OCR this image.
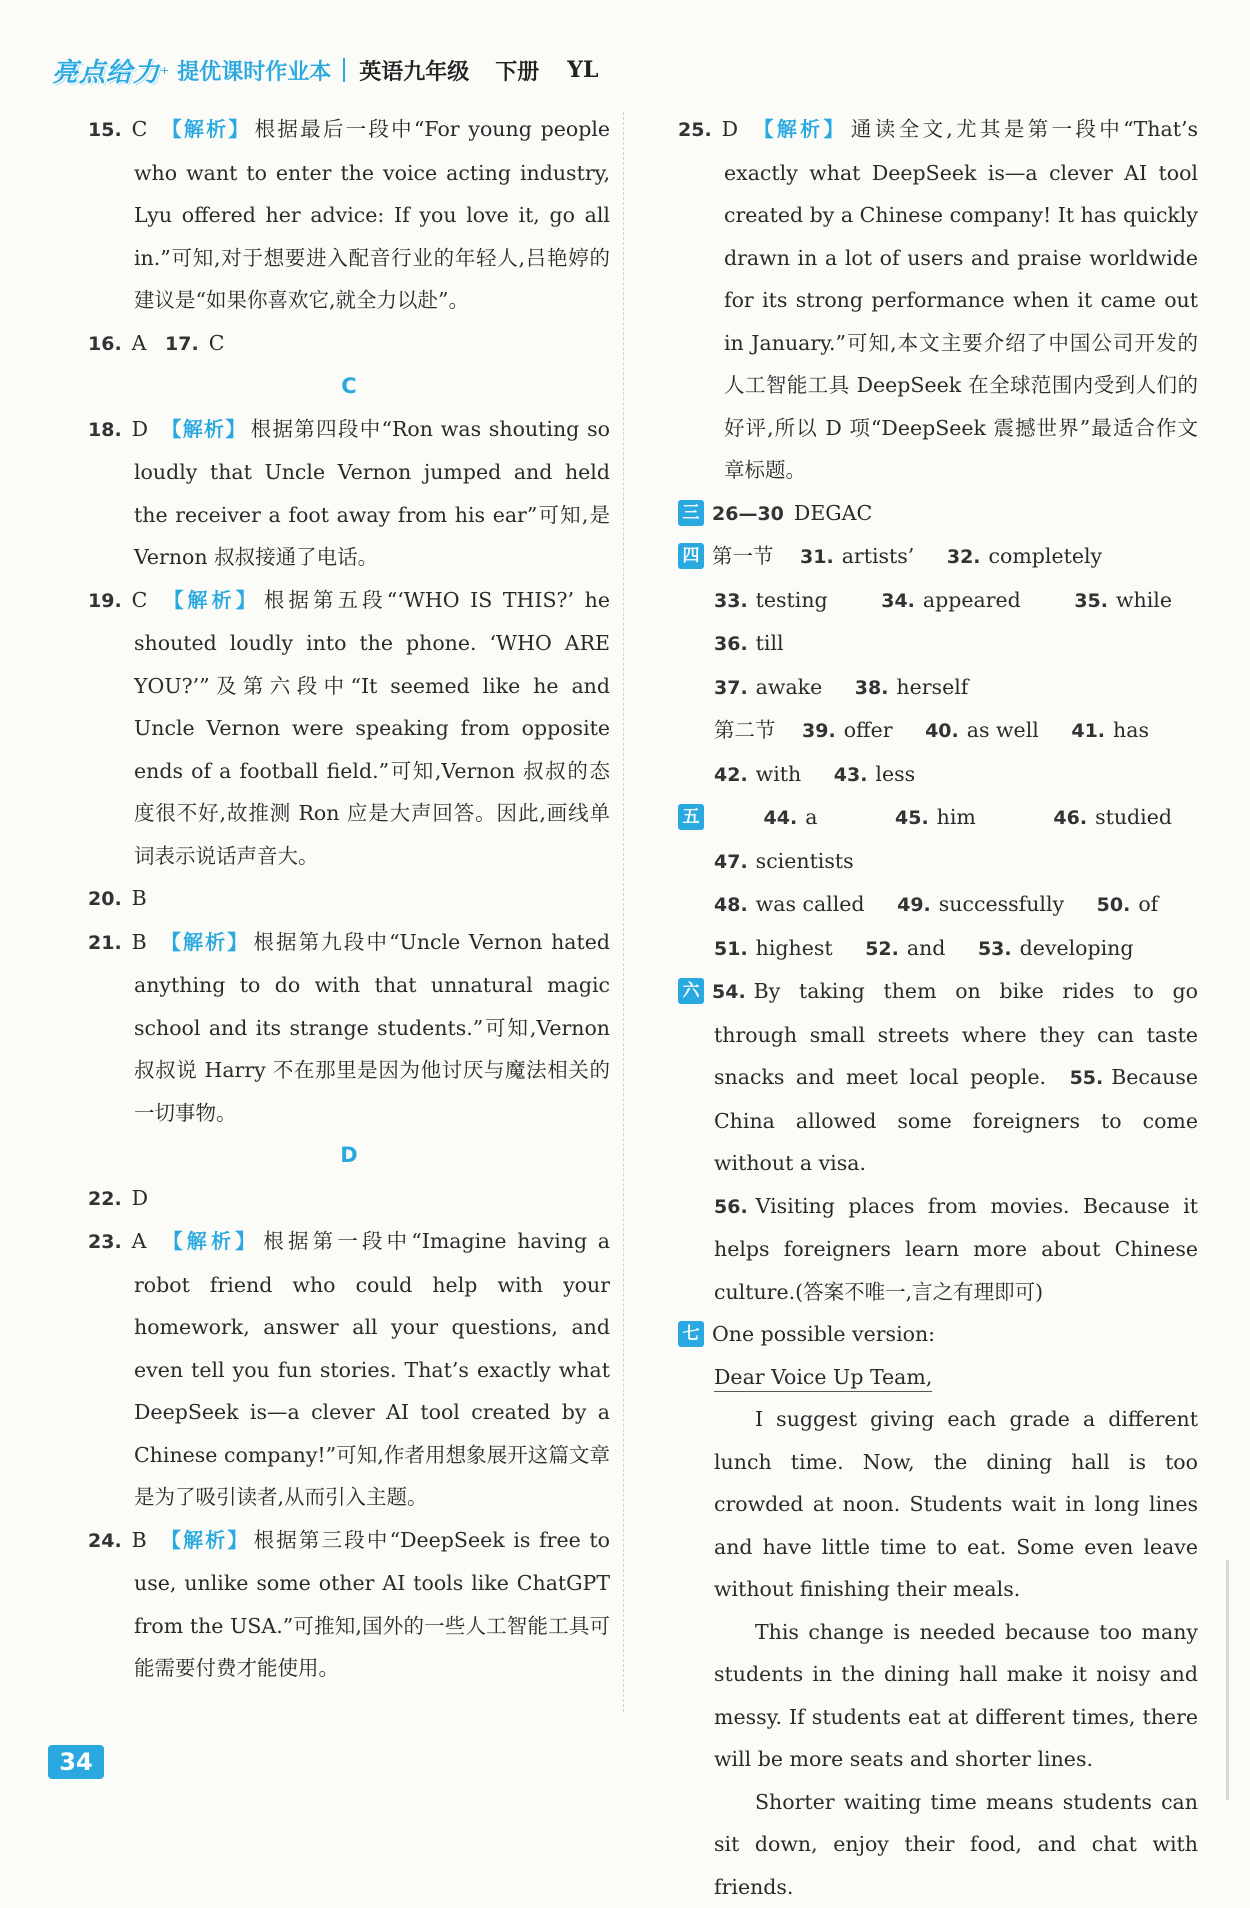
亮点给力 + 提优课时作业本 英语九年级 下册 YL
15. C 【解析】 根据最后一段中“For young people who want to enter the voice acting industry, Lyu offered her advice: If you love it, go all in.”可知,对于想要进入配音行业的年轻人,吕艳婷的建议是“如果你喜欢它,就全力以赴”。
16. A 17. C
C
18. D 【解析】 根据第四段中“Ron was shouting so loudly that Uncle Vernon jumped and held the receiver a foot away from his ear”可知,是Vernon 叔叔接通了电话。
19. C 【解析】 根据第五段“‘WHO IS THIS?’ he shouted loudly into the phone. ‘WHO ARE YOU?’”及第六段中“It seemed like he and Uncle Vernon were speaking from opposite ends of a football field.”可知,Vernon 叔叔的态度很不好,故推测 Ron 应是大声回答。因此,画线单词表示说话声音大。
20. B
21. B 【解析】 根据第九段中“Uncle Vernon hated anything to do with that unnatural magic school and its strange students.”可知,Vernon 叔叔说 Harry 不在那里是因为他讨厌与魔法相关的一切事物。
D
22. D
23. A 【解析】 根据第一段中“Imagine having a robot friend who could help with your homework, answer all your questions, and even tell you fun stories. That’s exactly what DeepSeek is—a clever AI tool created by a Chinese company!”可知,作者用想象展开这篇文章是为了吸引读者,从而引入主题。
24. B 【解析】 根据第三段中“DeepSeek is free to use, unlike some other AI tools like ChatGPT from the USA.”可推知,国外的一些人工智能工具可能需要付费才能使用。
25. D 【解析】 通读全文,尤其是第一段中“That’s exactly what DeepSeek is—a clever AI tool created by a Chinese company! It has quickly drawn in a lot of users and praise worldwide for its strong performance when it came out in January.”可知,本文主要介绍了中国公司开发的人工智能工具 DeepSeek 在全球范围内受到人们的好评,所以 D 项“DeepSeek 震撼世界”最适合作文章标题。
三 26—30 DEGAC
四 第一节 31. artists’ 32. completely
33. testing	34. appeared	35. while 36. till
37. awake 38. herself
第二节 39. offer 40. as well 41. has
42. with 43. less
五	44. a	45. him	46. studied 47. scientists
48. was called 49. successfully 50. of
51. highest 52. and 53. developing
六 54. By taking them on bike rides to go through small streets where they can taste snacks and meet local people. 55. Because China allowed some foreigners to come without a visa.
56. Visiting places from movies. Because it helps foreigners learn more about Chinese culture.(答案不唯一,言之有理即可)
七 One possible version:
Dear Voice Up Team,
I suggest giving each grade a different lunch time. Now, the dining hall is too crowded at noon. Students wait in long lines and have little time to eat. Some even leave without finishing their meals.
This change is needed because too many students in the dining hall make it noisy and messy. If students eat at different times, there will be more seats and shorter lines.
Shorter waiting time means students can sit down, enjoy their food, and chat with friends.
34
